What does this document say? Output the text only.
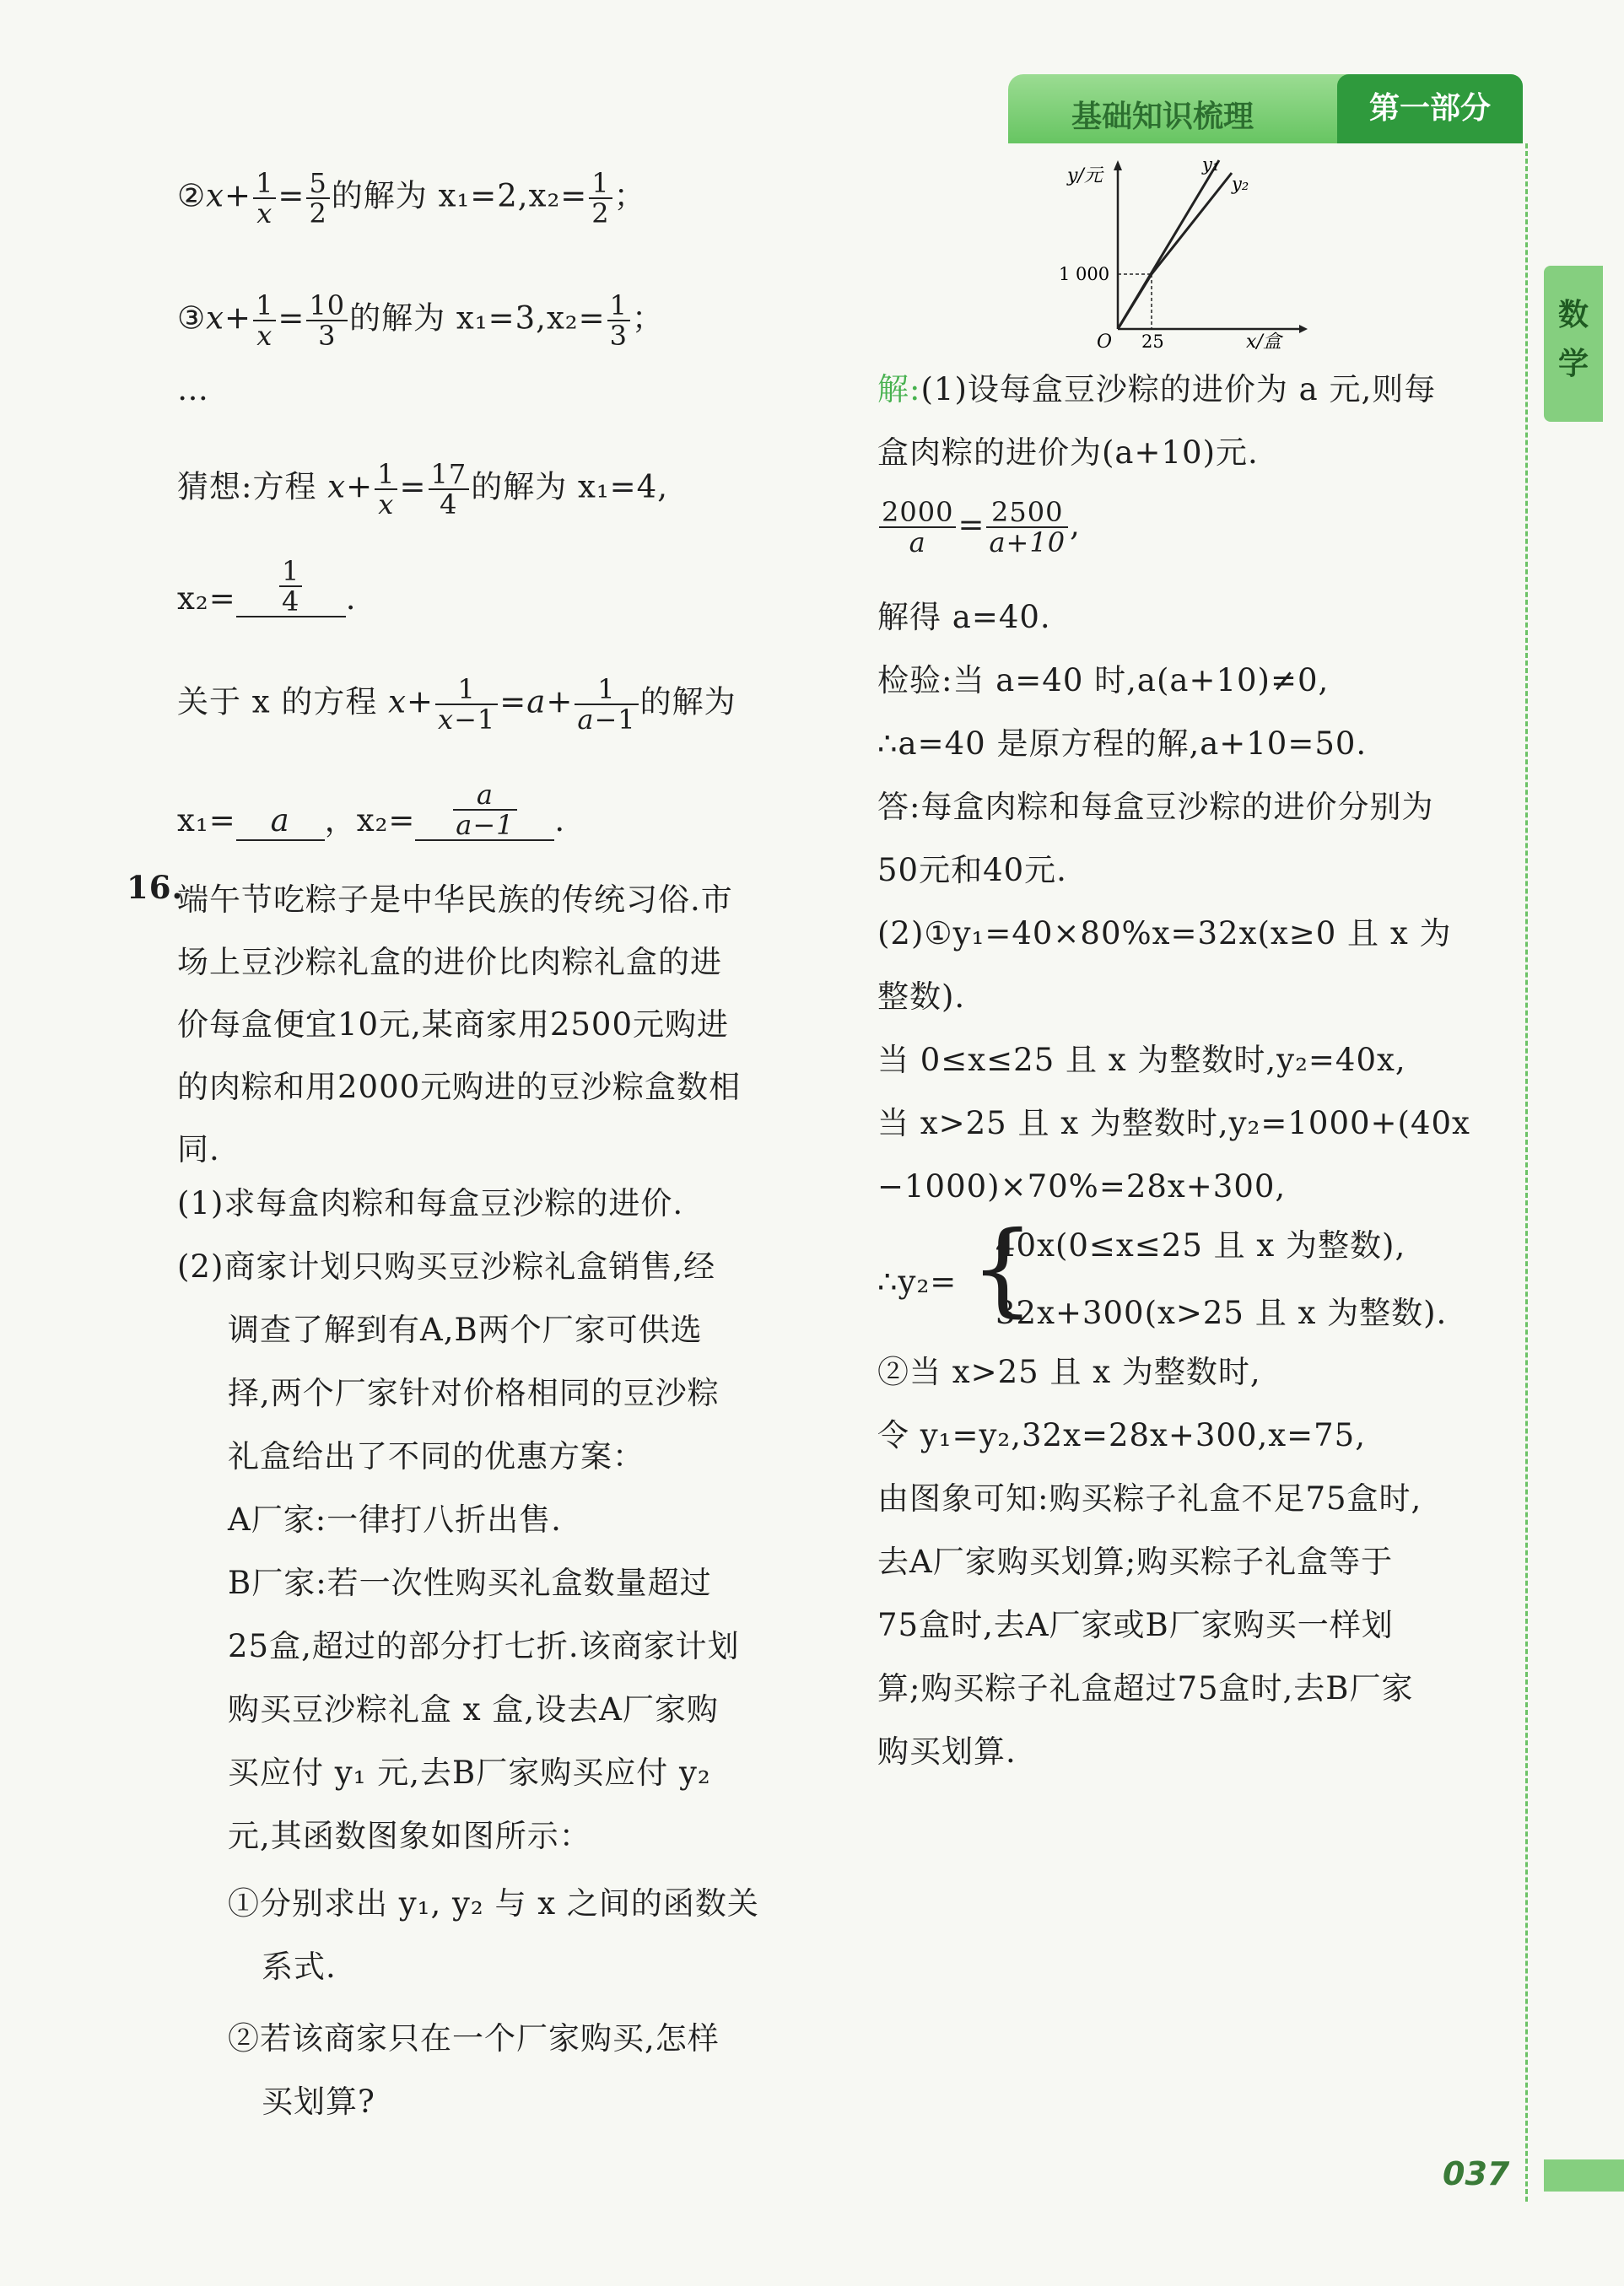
基础知识梳理	第一部分
数学
037
②x+ $\frac{1}{x} = \frac{5}{2}$ 的解为 $x_1=2,x_2= \frac{1}{2}$ ；
③x+ $\frac{1}{x} = \frac{10}{3}$ 的解为 $x_1=3,x_2= \frac{1}{3}$ ；
…
猜想:方程 $x+ \frac{1}{x} = \frac{17}{4}$ 的解为 x₁=4,
$x_2= \frac{1}{4}$ .
关于 x 的方程 $x+ \frac{1}{x-1} =a+ \frac{1}{a-1}$ 的解为
x₁= a ，$x_2= \frac{a}{a-1}$ .
16.
端午节吃粽子是中华民族的传统习俗.市
场上豆沙粽礼盒的进价比肉粽礼盒的进
价每盒便宜10元,某商家用2500元购进
的肉粽和用2000元购进的豆沙粽盒数相
同.
(1)求每盒肉粽和每盒豆沙粽的进价.
(2)商家计划只购买豆沙粽礼盒销售,经
调查了解到有A,B两个厂家可供选
择,两个厂家针对价格相同的豆沙粽
礼盒给出了不同的优惠方案：
A厂家:一律打八折出售.
B厂家:若一次性购买礼盒数量超过
25盒,超过的部分打七折.该商家计划
购买豆沙粽礼盒 x 盒,设去A厂家购
买应付 y₁ 元,去B厂家购买应付 y₂
元,其函数图象如图所示：
①分别求出 y₁, y₂ 与 x 之间的函数关
系式.
②若该商家只在一个厂家购买,怎样
买划算?
y/元
x/盒
O
1 000
25
y₁
y₂
解:(1)设每盒豆沙粽的进价为 a 元,则每
盒肉粽的进价为(a+10)元.
$\frac{2000}{a} = \frac{2500}{a+10}$ ,
解得 a=40.
检验:当 a=40 时,a(a+10)≠0,
∴a=40 是原方程的解,a+10=50.
答:每盒肉粽和每盒豆沙粽的进价分别为
50元和40元.
(2)①y₁=40×80%x=32x(x≥0 且 x 为
整数).
当 0≤x≤25 且 x 为整数时,y₂=40x,
当 x>25 且 x 为整数时,y₂=1000+(40x
−1000)×70%=28x+300,
∴y₂= {
40x(0≤x≤25 且 x 为整数),
32x+300(x>25 且 x 为整数).
②当 x>25 且 x 为整数时,
令 y₁=y₂,32x=28x+300,x=75,
由图象可知:购买粽子礼盒不足75盒时,
去A厂家购买划算;购买粽子礼盒等于
75盒时,去A厂家或B厂家购买一样划
算;购买粽子礼盒超过75盒时,去B厂家
购买划算.
